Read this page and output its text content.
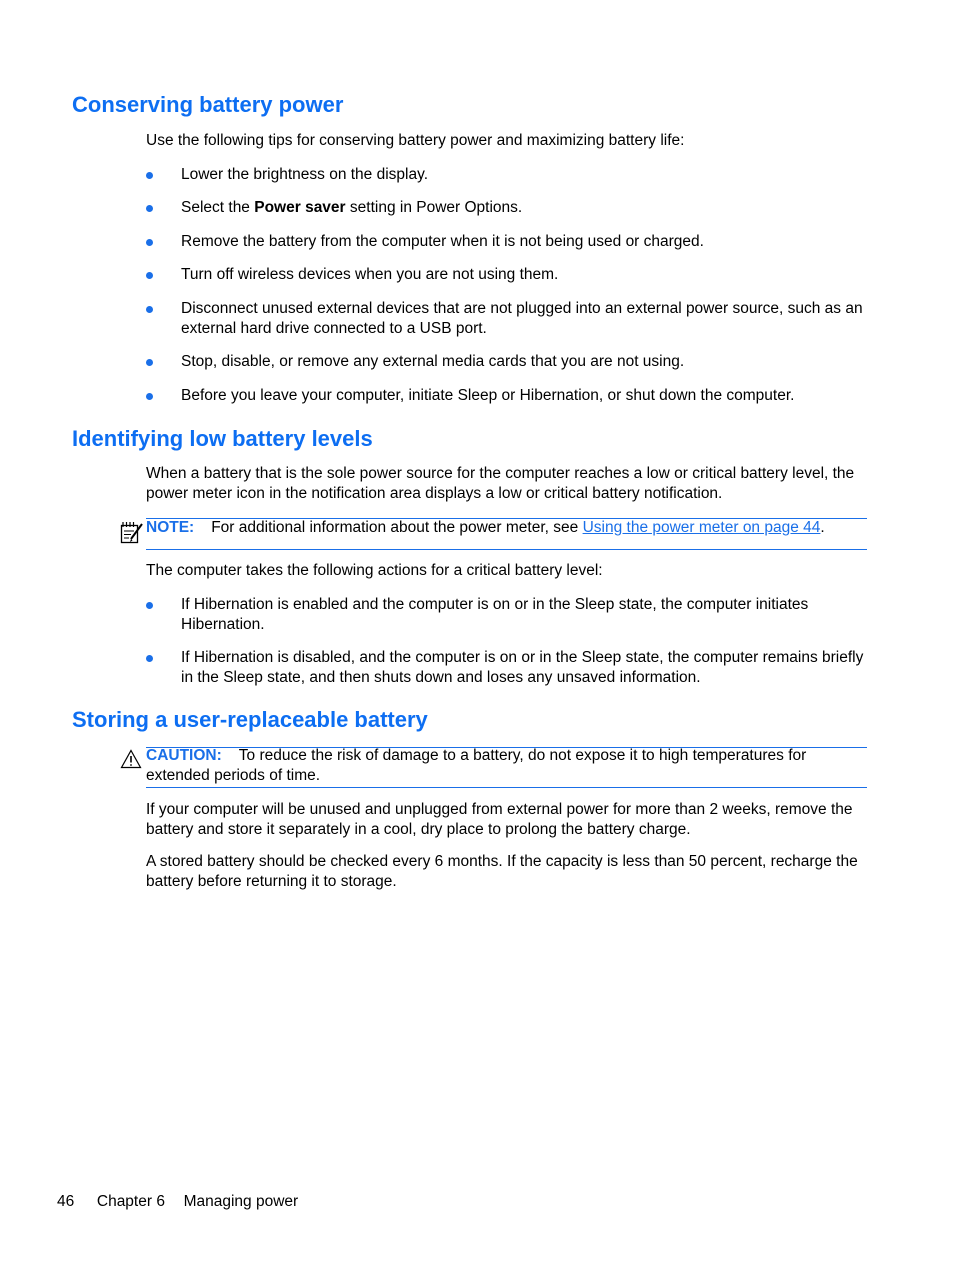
Conserving battery power
Use the following tips for conserving battery power and maximizing battery life:
Lower the brightness on the display.
Select the Power saver setting in Power Options.
Remove the battery from the computer when it is not being used or charged.
Turn off wireless devices when you are not using them.
Disconnect unused external devices that are not plugged into an external power source, such as an external hard drive connected to a USB port.
Stop, disable, or remove any external media cards that you are not using.
Before you leave your computer, initiate Sleep or Hibernation, or shut down the computer.
Identifying low battery levels
When a battery that is the sole power source for the computer reaches a low or critical battery level, the power meter icon in the notification area displays a low or critical battery notification.
NOTE: For additional information about the power meter, see Using the power meter on page 44.
The computer takes the following actions for a critical battery level:
If Hibernation is enabled and the computer is on or in the Sleep state, the computer initiates Hibernation.
If Hibernation is disabled, and the computer is on or in the Sleep state, the computer remains briefly in the Sleep state, and then shuts down and loses any unsaved information.
Storing a user-replaceable battery
CAUTION: To reduce the risk of damage to a battery, do not expose it to high temperatures for extended periods of time.
If your computer will be unused and unplugged from external power for more than 2 weeks, remove the battery and store it separately in a cool, dry place to prolong the battery charge.
A stored battery should be checked every 6 months. If the capacity is less than 50 percent, recharge the battery before returning it to storage.
46 Chapter 6 Managing power
